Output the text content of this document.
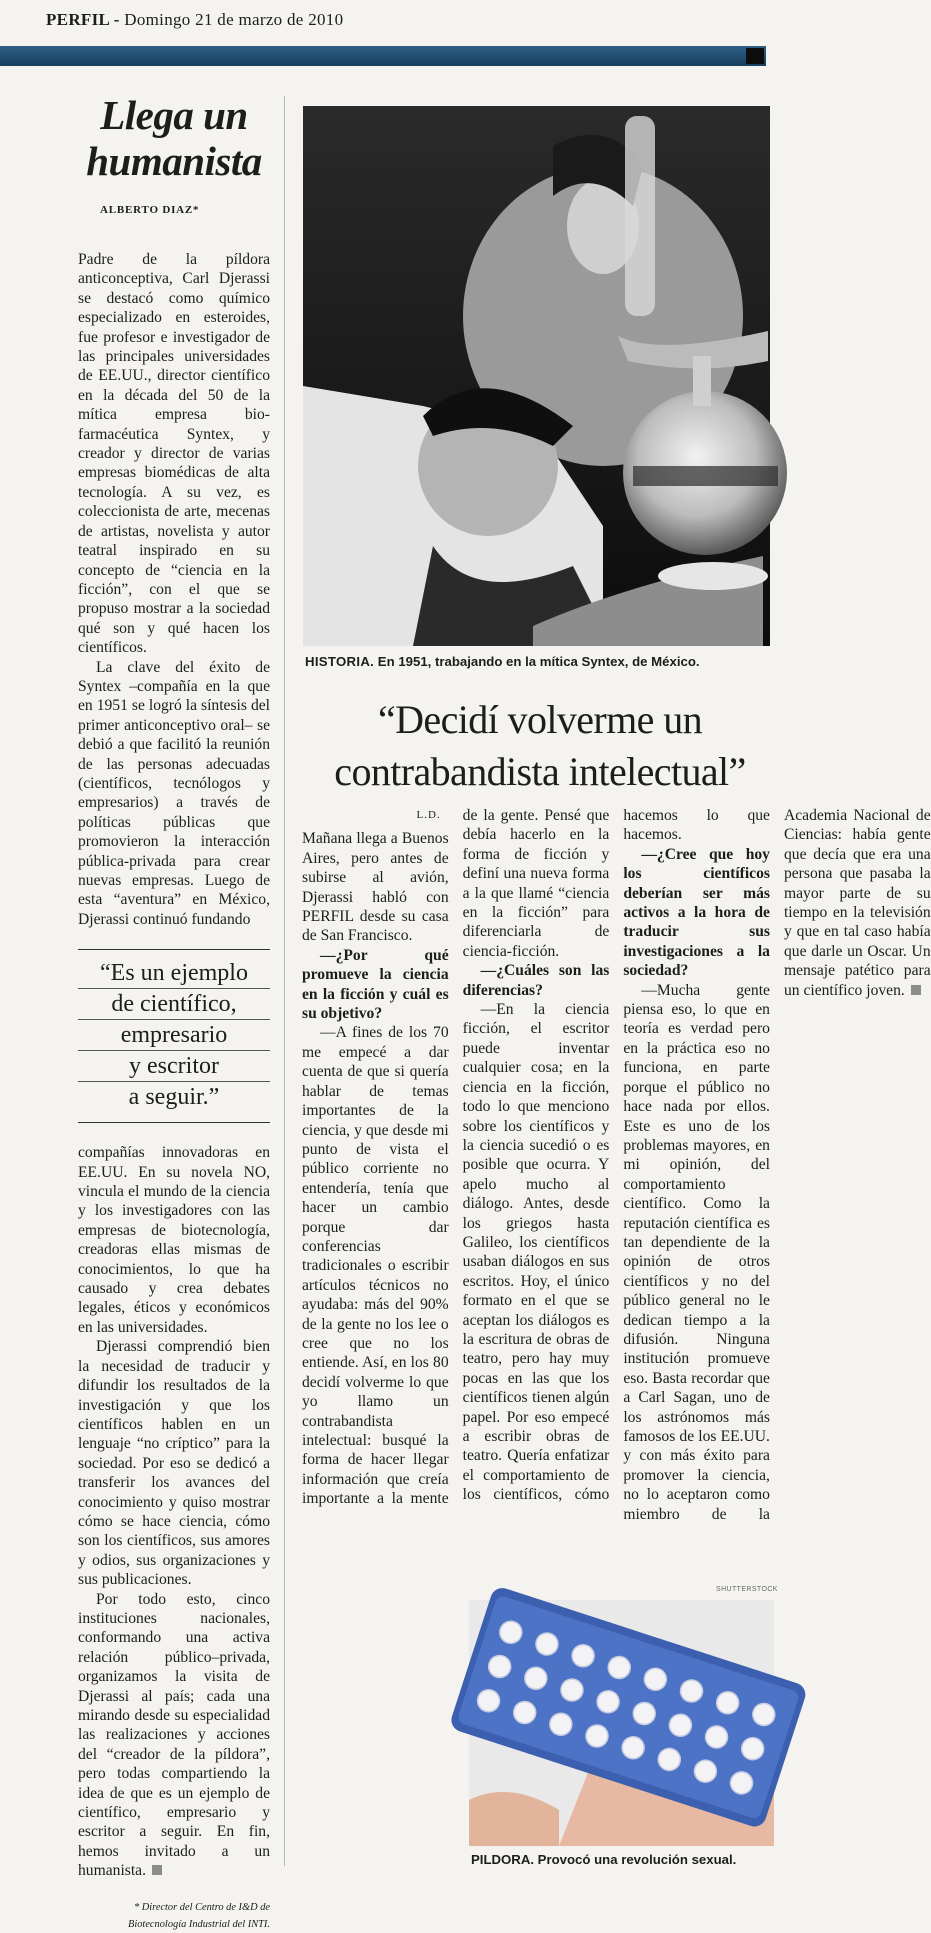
PERFIL - Domingo 21 de marzo de 2010
Llega un humanista
ALBERTO DIAZ*

Padre de la píldora anticonceptiva, Carl Djerassi se destacó como químico especializado en esteroides, fue profesor e investigador de las principales universidades de EE.UU., director científico en la década del 50 de la mítica empresa bio-farmacéutica Syntex, y creador y director de varias empresas biomédicas de alta tecnología. A su vez, es coleccionista de arte, mecenas de artistas, novelista y autor teatral inspirado en su concepto de “ciencia en la ficción”, con el que se propuso mostrar a la sociedad qué son y qué hacen los científicos.

La clave del éxito de Syntex –compañía en la que en 1951 se logró la síntesis del primer anticonceptivo oral– se debió a que facilitó la reunión de las personas adecuadas (científicos, tecnólogos y empresarios) a través de políticas públicas que promovieron la interacción pública-privada para crear nuevas empresas. Luego de esta “aventura” en México, Djerassi continuó fundando

“Es un ejemplo
de científico,
empresario
y escritor
a seguir.”

compañías innovadoras en EE.UU. En su novela NO, vincula el mundo de la ciencia y los investigadores con las empresas de biotecnología, creadoras ellas mismas de conocimientos, lo que ha causado y crea debates legales, éticos y económicos en las universidades.

Djerassi comprendió bien la necesidad de traducir y difundir los resultados de la investigación y que los científicos hablen en un lenguaje “no críptico” para la sociedad. Por eso se dedicó a transferir los avances del conocimiento y quiso mostrar cómo se hace ciencia, cómo son los científicos, sus amores y odios, sus organizaciones y sus publicaciones.

Por todo esto, cinco instituciones nacionales, conformando una activa relación público–privada, organizamos la visita de Djerassi al país; cada una mirando desde su especialidad las realizaciones y acciones del “creador de la píldora”, pero todas compartiendo la idea de que es un ejemplo de científico, empresario y escritor a seguir. En fin, hemos invitado a un humanista.

* Director del Centro de I&D de
Biotecnología Industrial del INTI.
HISTORIA. En 1951, trabajando en la mítica Syntex, de México.
“Decidí volverme un contrabandista intelectual”
L.D.

Mañana llega a Buenos Aires, pero antes de subirse al avión, Djerassi habló con PERFIL desde su casa de San Francisco.

—¿Por qué promueve la ciencia en la ficción y cuál es su objetivo?

—A fines de los 70 me empecé a dar cuenta de que si quería hablar de temas importantes de la ciencia, y que desde mi punto de vista el público corriente no entendería, tenía que hacer un cambio porque dar conferencias tradicionales o escribir artículos técnicos no ayudaba: más del 90% de la gente no los lee o cree que no los entiende. Así, en los 80 decidí volverme lo que yo llamo un contrabandista intelectual: busqué la forma de hacer llegar información que creía importante a la mente de la gente. Pensé que debía hacerlo en la forma de ficción y definí una nueva forma a la que llamé “ciencia en la ficción” para diferenciarla de ciencia-ficción.

—¿Cuáles son las diferencias?

—En la ciencia ficción, el escritor puede inventar cualquier cosa; en la ciencia en la ficción, todo lo que menciono sobre los científicos y la ciencia sucedió o es posible que ocurra. Y apelo mucho al diálogo. Antes, desde los griegos hasta Galileo, los científicos usaban diálogos en sus escritos. Hoy, el único formato en el que se aceptan los diálogos es la escritura de obras de teatro, pero hay muy pocas en las que los científicos tienen algún papel. Por eso empecé a escribir obras de teatro. Quería enfatizar el comportamiento de los científicos, cómo hacemos lo que hacemos.

—¿Cree que hoy los científicos deberían ser más activos a la hora de traducir sus investigaciones a la sociedad?

—Mucha gente piensa eso, lo que en teoría es verdad pero en la práctica eso no funciona, en parte porque el público no hace nada por ellos. Este es uno de los problemas mayores, en mi opinión, del comportamiento científico. Como la reputación científica es tan dependiente de la opinión de otros científicos y no del público general no le dedican tiempo a la difusión. Ninguna institución promueve eso. Basta recordar que a Carl Sagan, uno de los astrónomos más famosos de los EE.UU. y con más éxito para promover la ciencia, no lo aceptaron como miembro de la Academia Nacional de Ciencias: había gente que decía que era una persona que pasaba la mayor parte de su tiempo en la televisión y que en tal caso había que darle un Oscar. Un mensaje patético para un científico joven.

SHUTTERSTOCK
PILDORA. Provocó una revolución sexual.
